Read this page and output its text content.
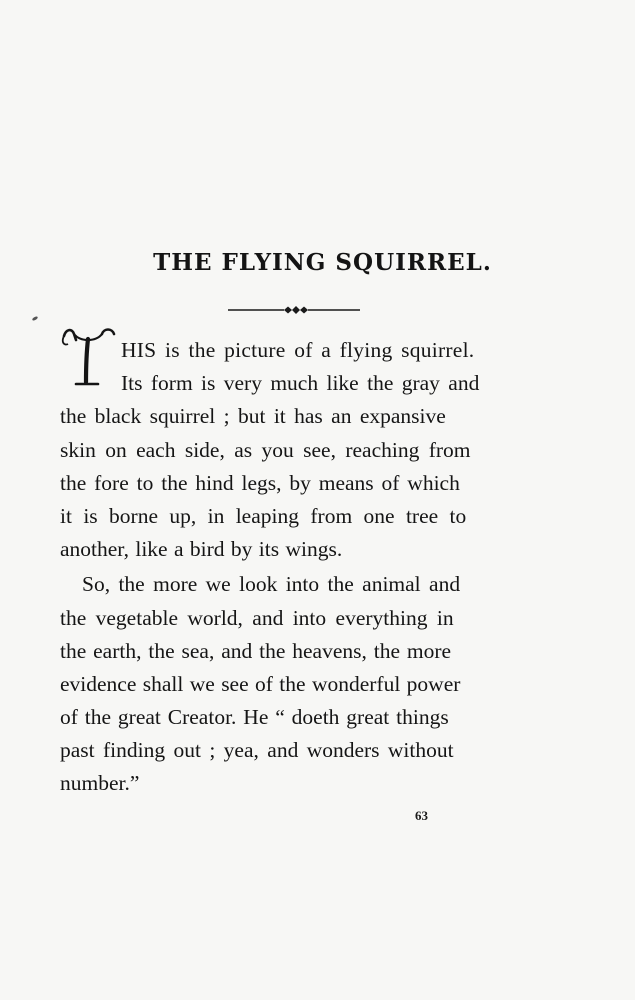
THE FLYING SQUIRREL.
HIS is the picture of a flying squirrel.
Its form is very much like the gray and
the black squirrel ; but it has an expansive
skin on each side, as you see, reaching from
the fore to the hind legs, by means of which
it is borne up, in leaping from one tree to
another, like a bird by its wings.
So, the more we look into the animal and
the vegetable world, and into everything in
the earth, the sea, and the heavens, the more
evidence shall we see of the wonderful power
of the great Creator. He “ doeth great things
past finding out ; yea, and wonders without
number.”
63
